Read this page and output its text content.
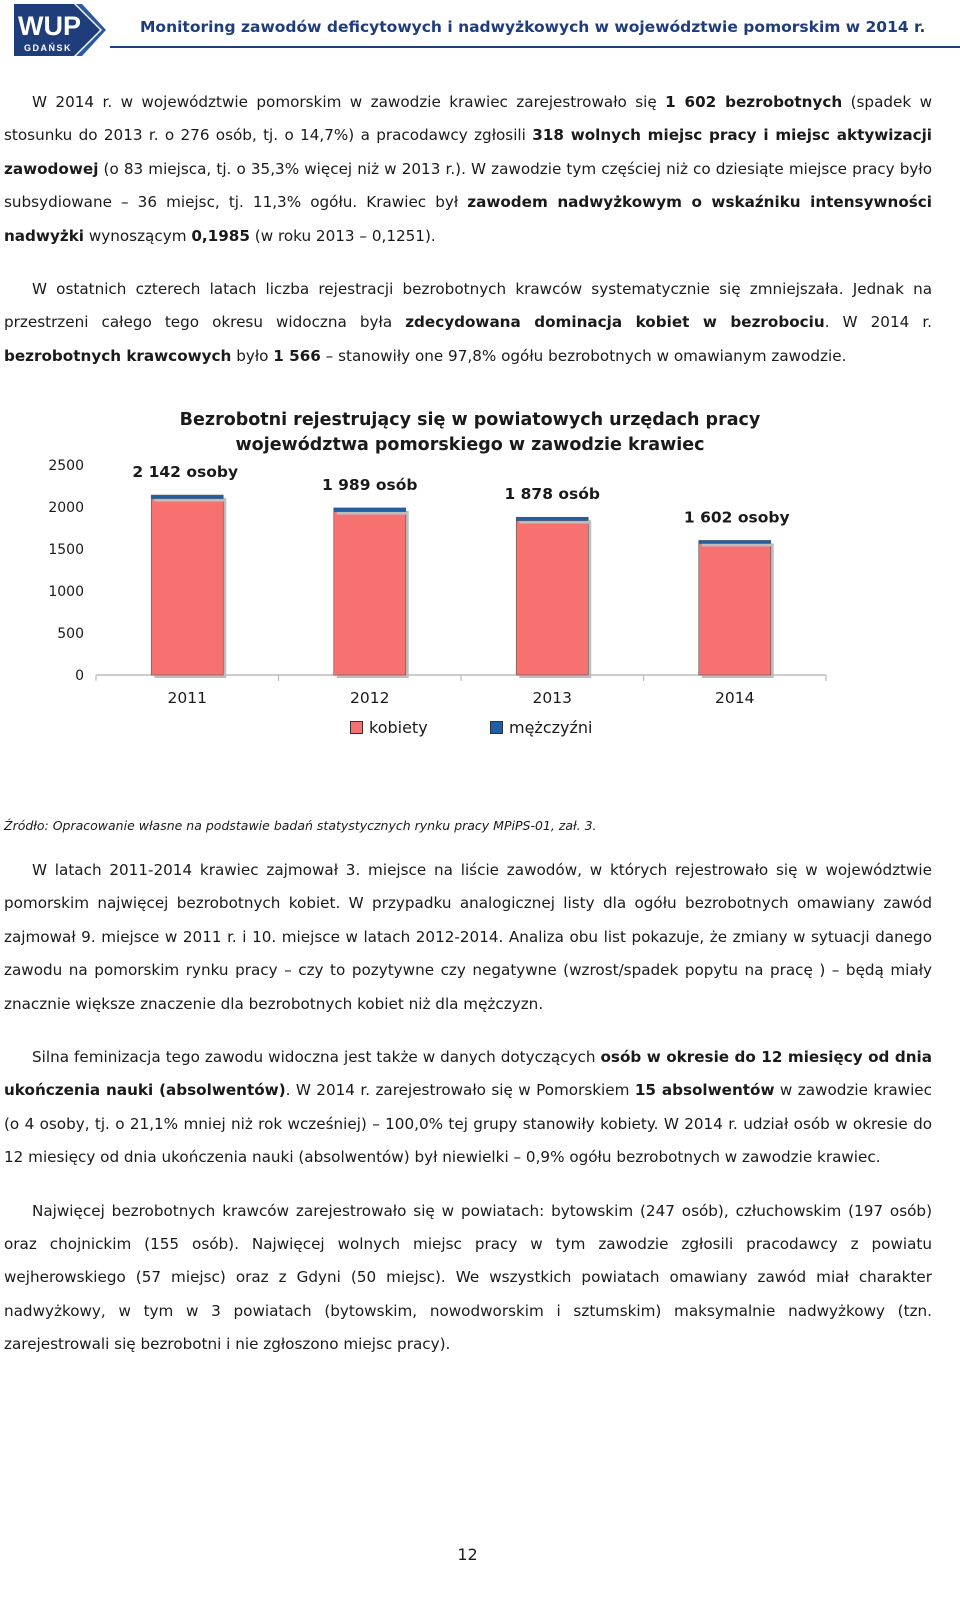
WUP
GDAŃSK
Monitoring zawodów deficytowych i nadwyżkowych w województwie pomorskim w 2014 r.

W 2014 r. w województwie pomorskim w zawodzie krawiec zarejestrowało się 1 602 bezrobotnych (spadek w stosunku do 2013 r. o 276 osób, tj. o 14,7%) a pracodawcy zgłosili 318 wolnych miejsc pracy i miejsc aktywizacji zawodowej (o 83 miejsca, tj. o 35,3% więcej niż w 2013 r.). W zawodzie tym częściej niż co dziesiąte miejsce pracy było subsydiowane – 36 miejsc, tj. 11,3% ogółu. Krawiec był zawodem nadwyżkowym o wskaźniku intensywności nadwyżki wynoszącym 0,1985 (w roku 2013 – 0,1251).

W ostatnich czterech latach liczba rejestracji bezrobotnych krawców systematycznie się zmniejszała. Jednak na przestrzeni całego tego okresu widoczna była zdecydowana dominacja kobiet w bezrobociu. W 2014 r. bezrobotnych krawcowych było 1 566 – stanowiły one 97,8% ogółu bezrobotnych w omawianym zawodzie.

Bezrobotni rejestrujący się w powiatowych urzędach pracy województwa pomorskiego w zawodzie krawiec
0
500
1000
1500
2000
2500	2 142 osoby
2011
1 989 osób
2012
1 878 osób
2013
1 602 osoby
2014
kobiety	mężczyźni
Źródło: Opracowanie własne na podstawie badań statystycznych rynku pracy MPiPS-01, zał. 3.

W latach 2011-2014 krawiec zajmował 3. miejsce na liście zawodów, w których rejestrowało się w województwie pomorskim najwięcej bezrobotnych kobiet. W przypadku analogicznej listy dla ogółu bezrobotnych omawiany zawód zajmował 9. miejsce w 2011 r. i 10. miejsce w latach 2012-2014. Analiza obu list pokazuje, że zmiany w sytuacji danego zawodu na pomorskim rynku pracy – czy to pozytywne czy negatywne (wzrost/spadek popytu na pracę ) – będą miały znacznie większe znaczenie dla bezrobotnych kobiet niż dla mężczyzn.

Silna feminizacja tego zawodu widoczna jest także w danych dotyczących osób w okresie do 12 miesięcy od dnia ukończenia nauki (absolwentów). W 2014 r. zarejestrowało się w Pomorskiem 15 absolwentów w zawodzie krawiec (o 4 osoby, tj. o 21,1% mniej niż rok wcześniej) – 100,0% tej grupy stanowiły kobiety. W 2014 r. udział osób w okresie do 12 miesięcy od dnia ukończenia nauki (absolwentów) był niewielki – 0,9% ogółu bezrobotnych w zawodzie krawiec.

Najwięcej bezrobotnych krawców zarejestrowało się w powiatach: bytowskim (247 osób), człuchowskim (197 osób) oraz chojnickim (155 osób). Najwięcej wolnych miejsc pracy w tym zawodzie zgłosili pracodawcy z powiatu wejherowskiego (57 miejsc) oraz z Gdyni (50 miejsc). We wszystkich powiatach omawiany zawód miał charakter nadwyżkowy, w tym w 3 powiatach (bytowskim, nowodworskim i sztumskim) maksymalnie nadwyżkowy (tzn. zarejestrowali się bezrobotni i nie zgłoszono miejsc pracy).

12
